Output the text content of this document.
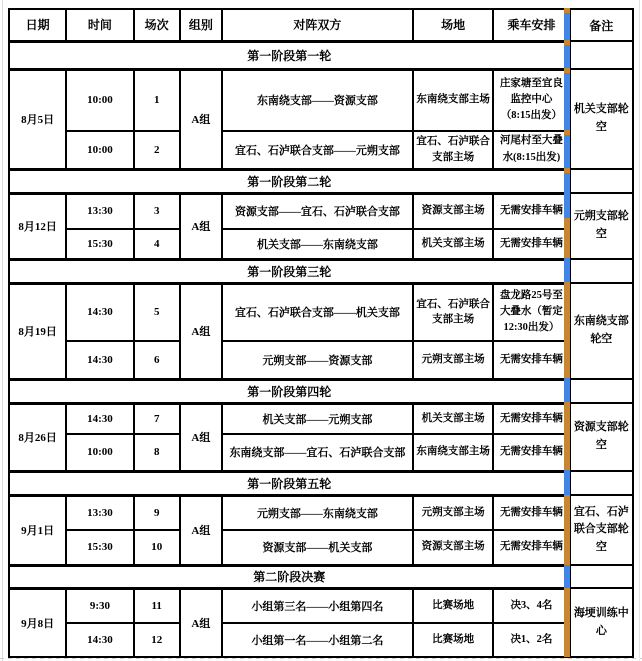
日期	时间	场次	组别	对阵双方	场地	乘车安排	备注
第一阶段第一轮							
8月5日	10:00	1	A组	东南绕支部——资源支部	东南绕支部主场	庄家塘至宜良监控中心（8:15出发）	机关支部轮空
	10:00	2		宜石、石泸联合支部——元朔支部	宜石、石泸联合支部主场	河尾村至大叠水(8:15出发)	
第一阶段第二轮							
8月12日	13:30	3	A组	资源支部——宜石、石泸联合支部	资源支部主场	无需安排车辆	元朔支部轮空
	15:30	4		机关支部——东南绕支部	机关支部主场	无需安排车辆	
第一阶段第三轮							
8月19日	14:30	5	A组	宜石、石泸联合支部——机关支部	宜石、石泸联合支部主场	盘龙路25号至大叠水（暂定12:30出发）	东南绕支部轮空
	14:30	6		元朔支部——资源支部	元朔支部主场	无需安排车辆	
第一阶段第四轮							
8月26日	14:30	7	A组	机关支部——元朔支部	机关支部主场	无需安排车辆	资源支部轮空
	10:00	8		东南绕支部——宜石、石泸联合支部	东南绕支部主场	无需安排车辆	
第一阶段第五轮							
9月1日	13:30	9	A组	元朔支部——东南绕支部	元朔支部主场	无需安排车辆	宜石、石泸联合支部轮空
	15:30	10		资源支部——机关支部	资源支部主场	无需安排车辆	
第二阶段决赛							
9月8日	9:30	11	A组	小组第三名——小组第四名	比赛场地	决3、4名	海埂训练中心
	14:30	12		小组第一名——小组第二名	比赛场地	决1、2名	
